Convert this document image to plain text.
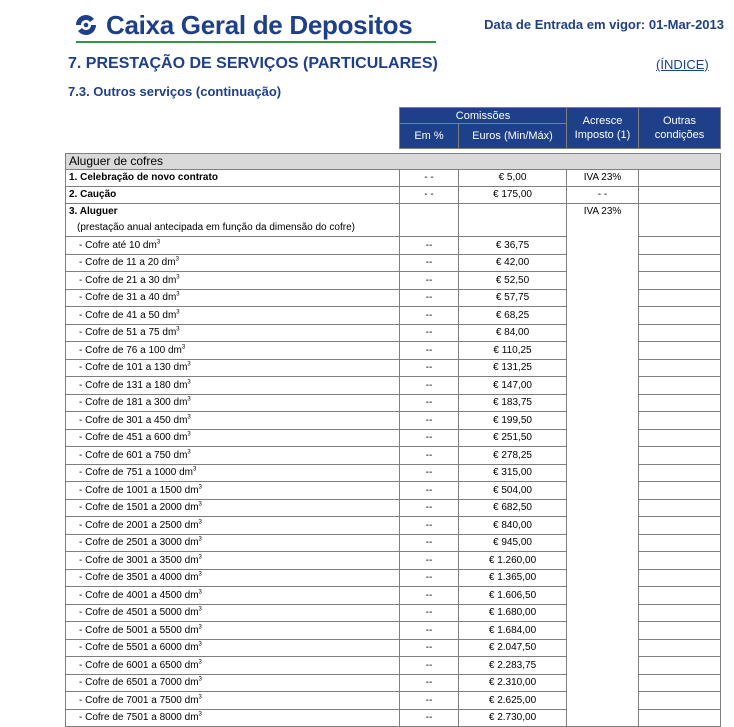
Caixa Geral de Depositos	Data de Entrada em vigor: 01-Mar-2013
7. PRESTAÇÃO DE SERVIÇOS (PARTICULARES)	(ÍNDICE)
7.3. Outros serviços (continuação)
	Comissões		Acresce Imposto (1)	Outras condições
	Em %	Euros (Min/Máx)		

Aluguer de cofres				
1. Celebração de novo contrato	- -	€ 5,00	IVA 23%	
2. Caução	- -	€ 175,00	- -	

3. Aluguer
(prestação anual antecipada em função da dimensão do cofre)			IVA 23%	
- Cofre até 10 $dm^3$	--	€ 36,75		
- Cofre de 11 a 20 $dm^3$	--	€ 42,00		
- Cofre de 21 a 30 $dm^3$	--	€ 52,50		
- Cofre de 31 a 40 $dm^3$	--	€ 57,75		
- Cofre de 41 a 50 $dm^3$	--	€ 68,25		
- Cofre de 51 a 75 $dm^3$	--	€ 84,00		
- Cofre de 76 a 100 $dm^3$	--	€ 110,25		
- Cofre de 101 a 130 $dm^3$	--	€ 131,25		
- Cofre de 131 a 180 $dm^3$	--	€ 147,00		
- Cofre de 181 a 300 $dm^3$	--	€ 183,75		
- Cofre de 301 a 450 $dm^3$	--	€ 199,50		
- Cofre de 451 a 600 $dm^3$	--	€ 251,50		
- Cofre de 601 a 750 $dm^3$	--	€ 278,25		
- Cofre de 751 a 1000 $dm^3$	--	€ 315,00		
- Cofre de 1001 a 1500 $dm^3$	--	€ 504,00		
- Cofre de 1501 a 2000 $dm^3$	--	€ 682,50		
- Cofre de 2001 a 2500 $dm^3$	--	€ 840,00		
- Cofre de 2501 a 3000 $dm^3$	--	€ 945,00		
- Cofre de 3001 a 3500 $dm^3$	--	€ 1.260,00		
- Cofre de 3501 a 4000 $dm^3$	--	€ 1.365,00		
- Cofre de 4001 a 4500 $dm^3$	--	€ 1.606,50		
- Cofre de 4501 a 5000 $dm^3$	--	€ 1.680,00		
- Cofre de 5001 a 5500 $dm^3$	--	€ 1.684,00		
- Cofre de 5501 a 6000 $dm^3$	--	€ 2.047,50		
- Cofre de 6001 a 6500 $dm^3$	--	€ 2.283,75		
- Cofre de 6501 a 7000 $dm^3$	--	€ 2.310,00		
- Cofre de 7001 a 7500 $dm^3$	--	€ 2.625,00		
- Cofre de 7501 a 8000 $dm^3$	--	€ 2.730,00		
